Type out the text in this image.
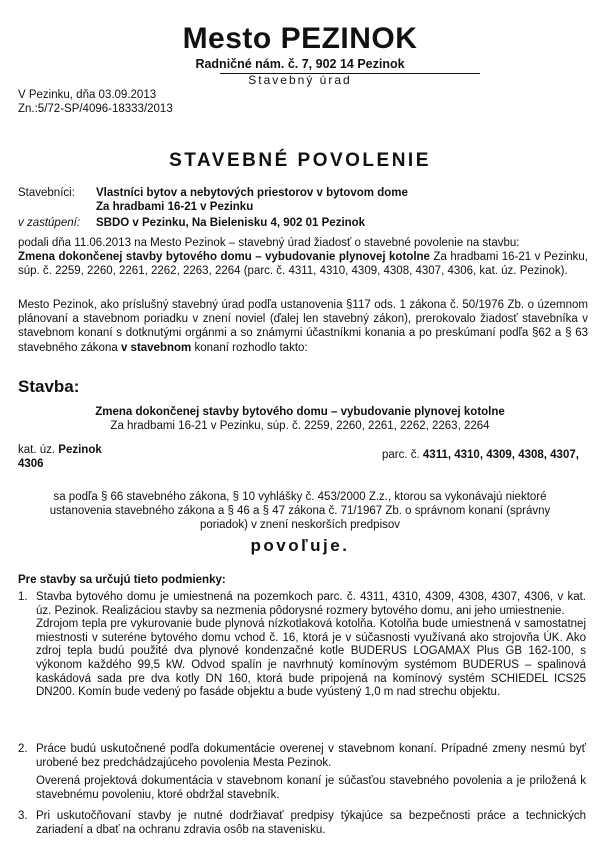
Mesto PEZINOK
Radničné nám. č. 7, 902 14 Pezinok
Stavebný úrad
V Pezinku, dňa 03.09.2013
Zn.:5/72-SP/4096-18333/2013
STAVEBNÉ POVOLENIE
Stavebníci:	Vlastníci bytov a nebytových priestorov v bytovom dome
Za hradbami 16-21 v Pezinku
v zastúpení:	SBDO v Pezinku, Na Bielenisku 4, 902 01 Pezinok
podali dňa 11.06.2013 na Mesto Pezinok – stavebný úrad žiadosť o stavebné povolenie na stavbu:
Zmena dokončenej stavby bytového domu – vybudovanie plynovej kotolne Za hradbami 16-21 v Pezinku, súp. č. 2259, 2260, 2261, 2262, 2263, 2264 (parc. č. 4311, 4310, 4309, 4308, 4307, 4306, kat. úz. Pezinok).
Mesto Pezinok, ako príslušný stavebný úrad podľa ustanovenia §117 ods. 1 zákona č. 50/1976 Zb. o územnom plánovaní a stavebnom poriadku v znení noviel (ďalej len stavebný zákon), prerokovalo žiadosť stavebníka v stavebnom konaní s dotknutými orgánmi a so známymi účastníkmi konania a po preskúmaní podľa §62 a § 63 stavebného zákona v stavebnom konaní rozhodlo takto:
Stavba:
Zmena dokončenej stavby bytového domu – vybudovanie plynovej kotolne
Za hradbami 16-21 v Pezinku, súp. č. 2259, 2260, 2261, 2262, 2263, 2264
kat. úz. Pezinok
4306
parc. č. 4311, 4310, 4309, 4308, 4307,
sa podľa § 66 stavebného zákona, § 10 vyhlášky č. 453/2000 Z.z., ktorou sa vykonávajú niektoré
ustanovenia stavebného zákona a § 46 a § 47 zákona č. 71/1967 Zb. o správnom konaní (správny
poriadok) v znení neskorších predpisov
povoľuje.
Pre stavby sa určujú tieto podmienky:
1. Stavba bytového domu je umiestnená na pozemkoch parc. č. 4311, 4310, 4309, 4308, 4307, 4306, v kat. úz. Pezinok. Realizáciou stavby sa nezmenia pôdorysné rozmery bytového domu, ani jeho umiestnenie.
Zdrojom tepla pre vykurovanie bude plynová nízkotlaková kotolňa. Kotolňa bude umiestnená v samostatnej miestnosti v suteréne bytového domu vchod č. 16, ktorá je v súčasnosti využívaná ako strojovňa ÚK. Ako zdroj tepla budú použité dva plynové kondenzačné kotle BUDERUS LOGAMAX Plus GB 162-100, s výkonom každého 99,5 kW. Odvod spalín je navrhnutý komínovým systémom BUDERUS – spalinová kaskádová sada pre dva kotly DN 160, ktorá bude pripojená na komínový systém SCHIEDEL ICS25 DN200. Komín bude vedený po fasáde objektu a bude vyústený 1,0 m nad strechu objektu.
2. Práce budú uskutočnené podľa dokumentácie overenej v stavebnom konaní. Prípadné zmeny nesmú byť urobené bez predchádzajúceho povolenia Mesta Pezinok.
Overená projektová dokumentácia v stavebnom konaní je súčasťou stavebného povolenia a je priložená k stavebnému povoleniu, ktoré obdržal stavebník.
3. Pri uskutočňovaní stavby je nutné dodržiavať predpisy týkajúce sa bezpečnosti práce a technických zariadení a dbať na ochranu zdravia osôb na stavenisku.
